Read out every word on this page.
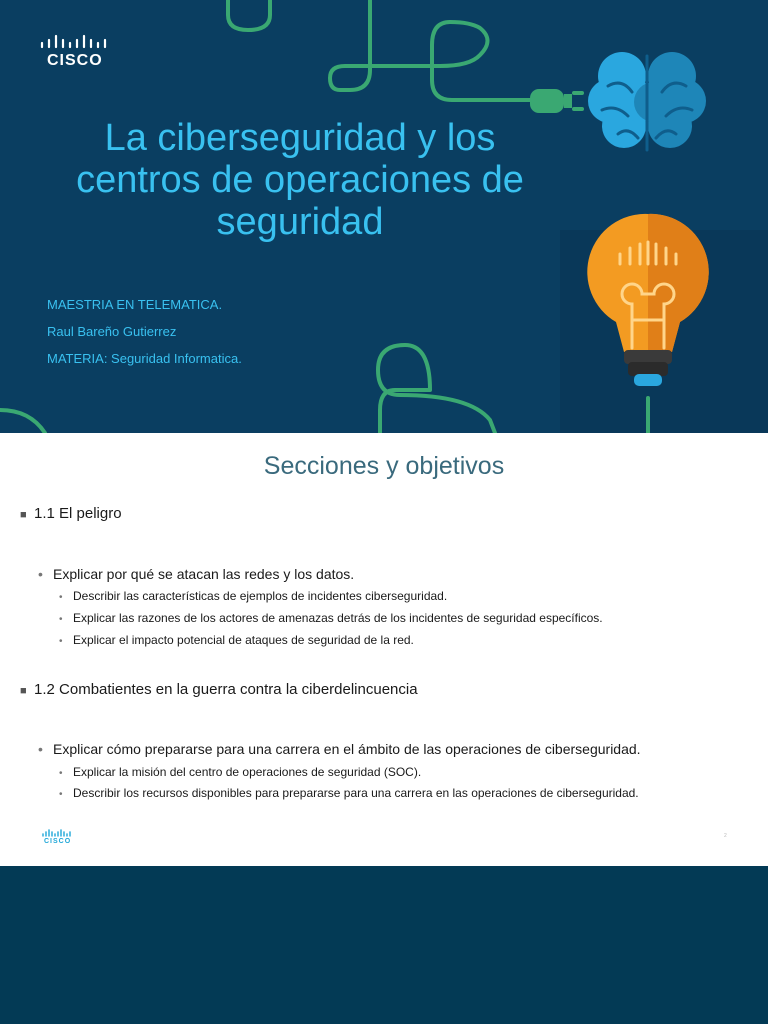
CISCO
La ciberseguridad y los centros de operaciones de seguridad
MAESTRIA EN TELEMATICA.
Raul Bareño Gutierrez
MATERIA: Seguridad Informatica.
Secciones y objetivos
■ 1.1 El peligro
• Explicar por qué se atacan las redes y los datos.
• Describir las características de ejemplos de incidentes ciberseguridad.
• Explicar las razones de los actores de amenazas detrás de los incidentes de seguridad específicos.
• Explicar el impacto potencial de ataques de seguridad de la red.
■ 1.2 Combatientes en la guerra contra la ciberdelincuencia
• Explicar cómo prepararse para una carrera en el ámbito de las operaciones de ciberseguridad.
• Explicar la misión del centro de operaciones de seguridad (SOC).
• Describir los recursos disponibles para prepararse para una carrera en las operaciones de ciberseguridad.
CISCO
2
